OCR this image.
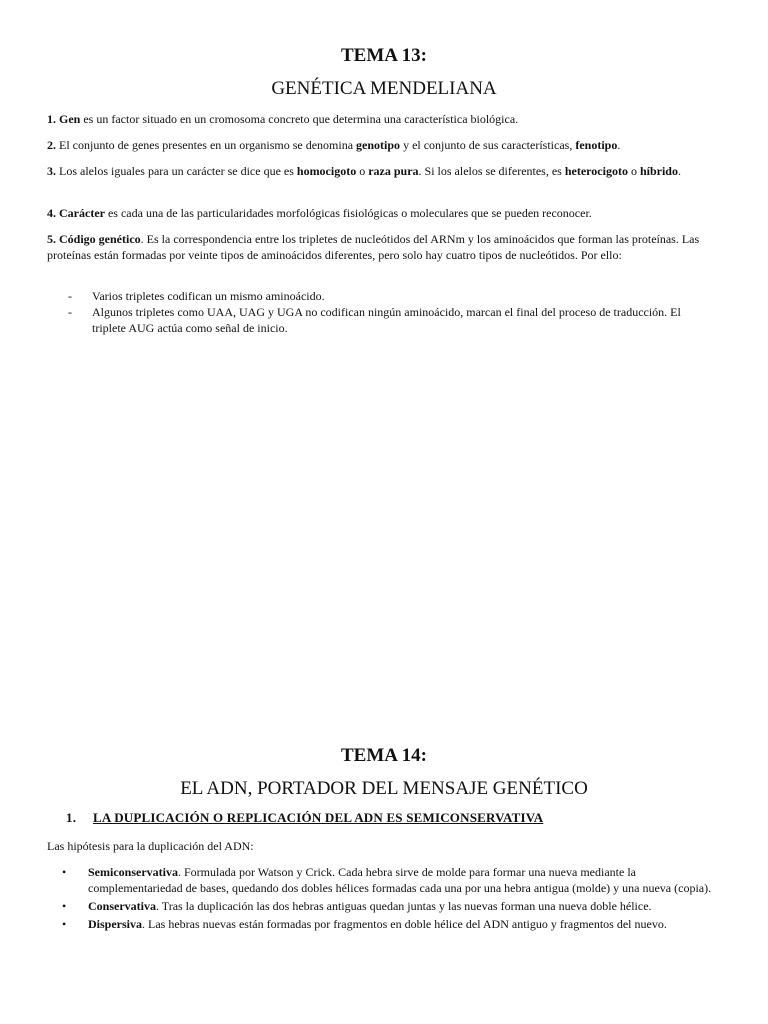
TEMA 13:
GENÉTICA MENDELIANA
1. Gen es un factor situado en un cromosoma concreto que determina una característica biológica.
2. El conjunto de genes presentes en un organismo se denomina genotipo y el conjunto de sus características, fenotipo.
3. Los alelos iguales para un carácter se dice que es homocigoto o raza pura. Si los alelos se diferentes, es heterocigoto o híbrido.
4. Carácter es cada una de las particularidades morfológicas fisiológicas o moleculares que se pueden reconocer.
5. Código genético. Es la correspondencia entre los tripletes de nucleótidos del ARNm y los aminoácidos que forman las proteínas. Las proteínas están formadas por veinte tipos de aminoácidos diferentes, pero solo hay cuatro tipos de nucleótidos. Por ello:
- Varios tripletes codifican un mismo aminoácido.
- Algunos tripletes como UAA, UAG y UGA no codifican ningún aminoácido, marcan el final del proceso de traducción. El triplete AUG actúa como señal de inicio.
TEMA 14:
EL ADN, PORTADOR DEL MENSAJE GENÉTICO
1. LA DUPLICACIÓN O REPLICACIÓN DEL ADN ES SEMICONSERVATIVA
Las hipótesis para la duplicación del ADN:
• Semiconservativa. Formulada por Watson y Crick. Cada hebra sirve de molde para formar una nueva mediante la complementariedad de bases, quedando dos dobles hélices formadas cada una por una hebra antigua (molde) y una nueva (copia).
• Conservativa. Tras la duplicación las dos hebras antiguas quedan juntas y las nuevas forman una nueva doble hélice.
• Dispersiva. Las hebras nuevas están formadas por fragmentos en doble hélice del ADN antiguo y fragmentos del nuevo.
